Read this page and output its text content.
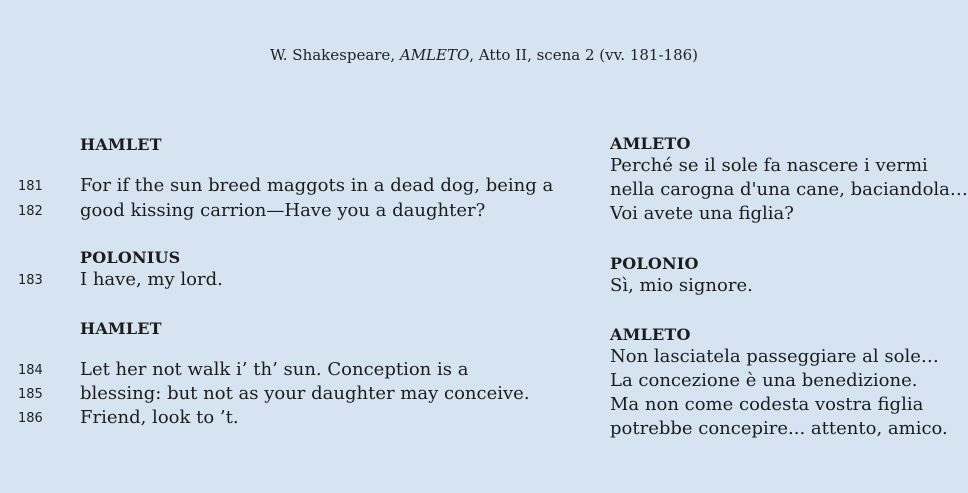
W. Shakespeare, AMLETO, Atto II, scena 2 (vv. 181-186)
HAMLET
181 For if the sun breed maggots in a dead dog, being a
182 good kissing carrion—Have you a daughter?
POLONIUS
183 I have, my lord.
HAMLET
184 Let her not walk i’ th’ sun. Conception is a
185 blessing: but not as your daughter may conceive.
186 Friend, look to ’t.
AMLETO
Perché se il sole fa nascere i vermi
nella carogna d'una cane, baciandola…
Voi avete una figlia?
POLONIO
Sì, mio signore.
AMLETO
Non lasciatela passeggiare al sole…
La concezione è una benedizione.
Ma non come codesta vostra figlia
potrebbe concepire... attento, amico.
